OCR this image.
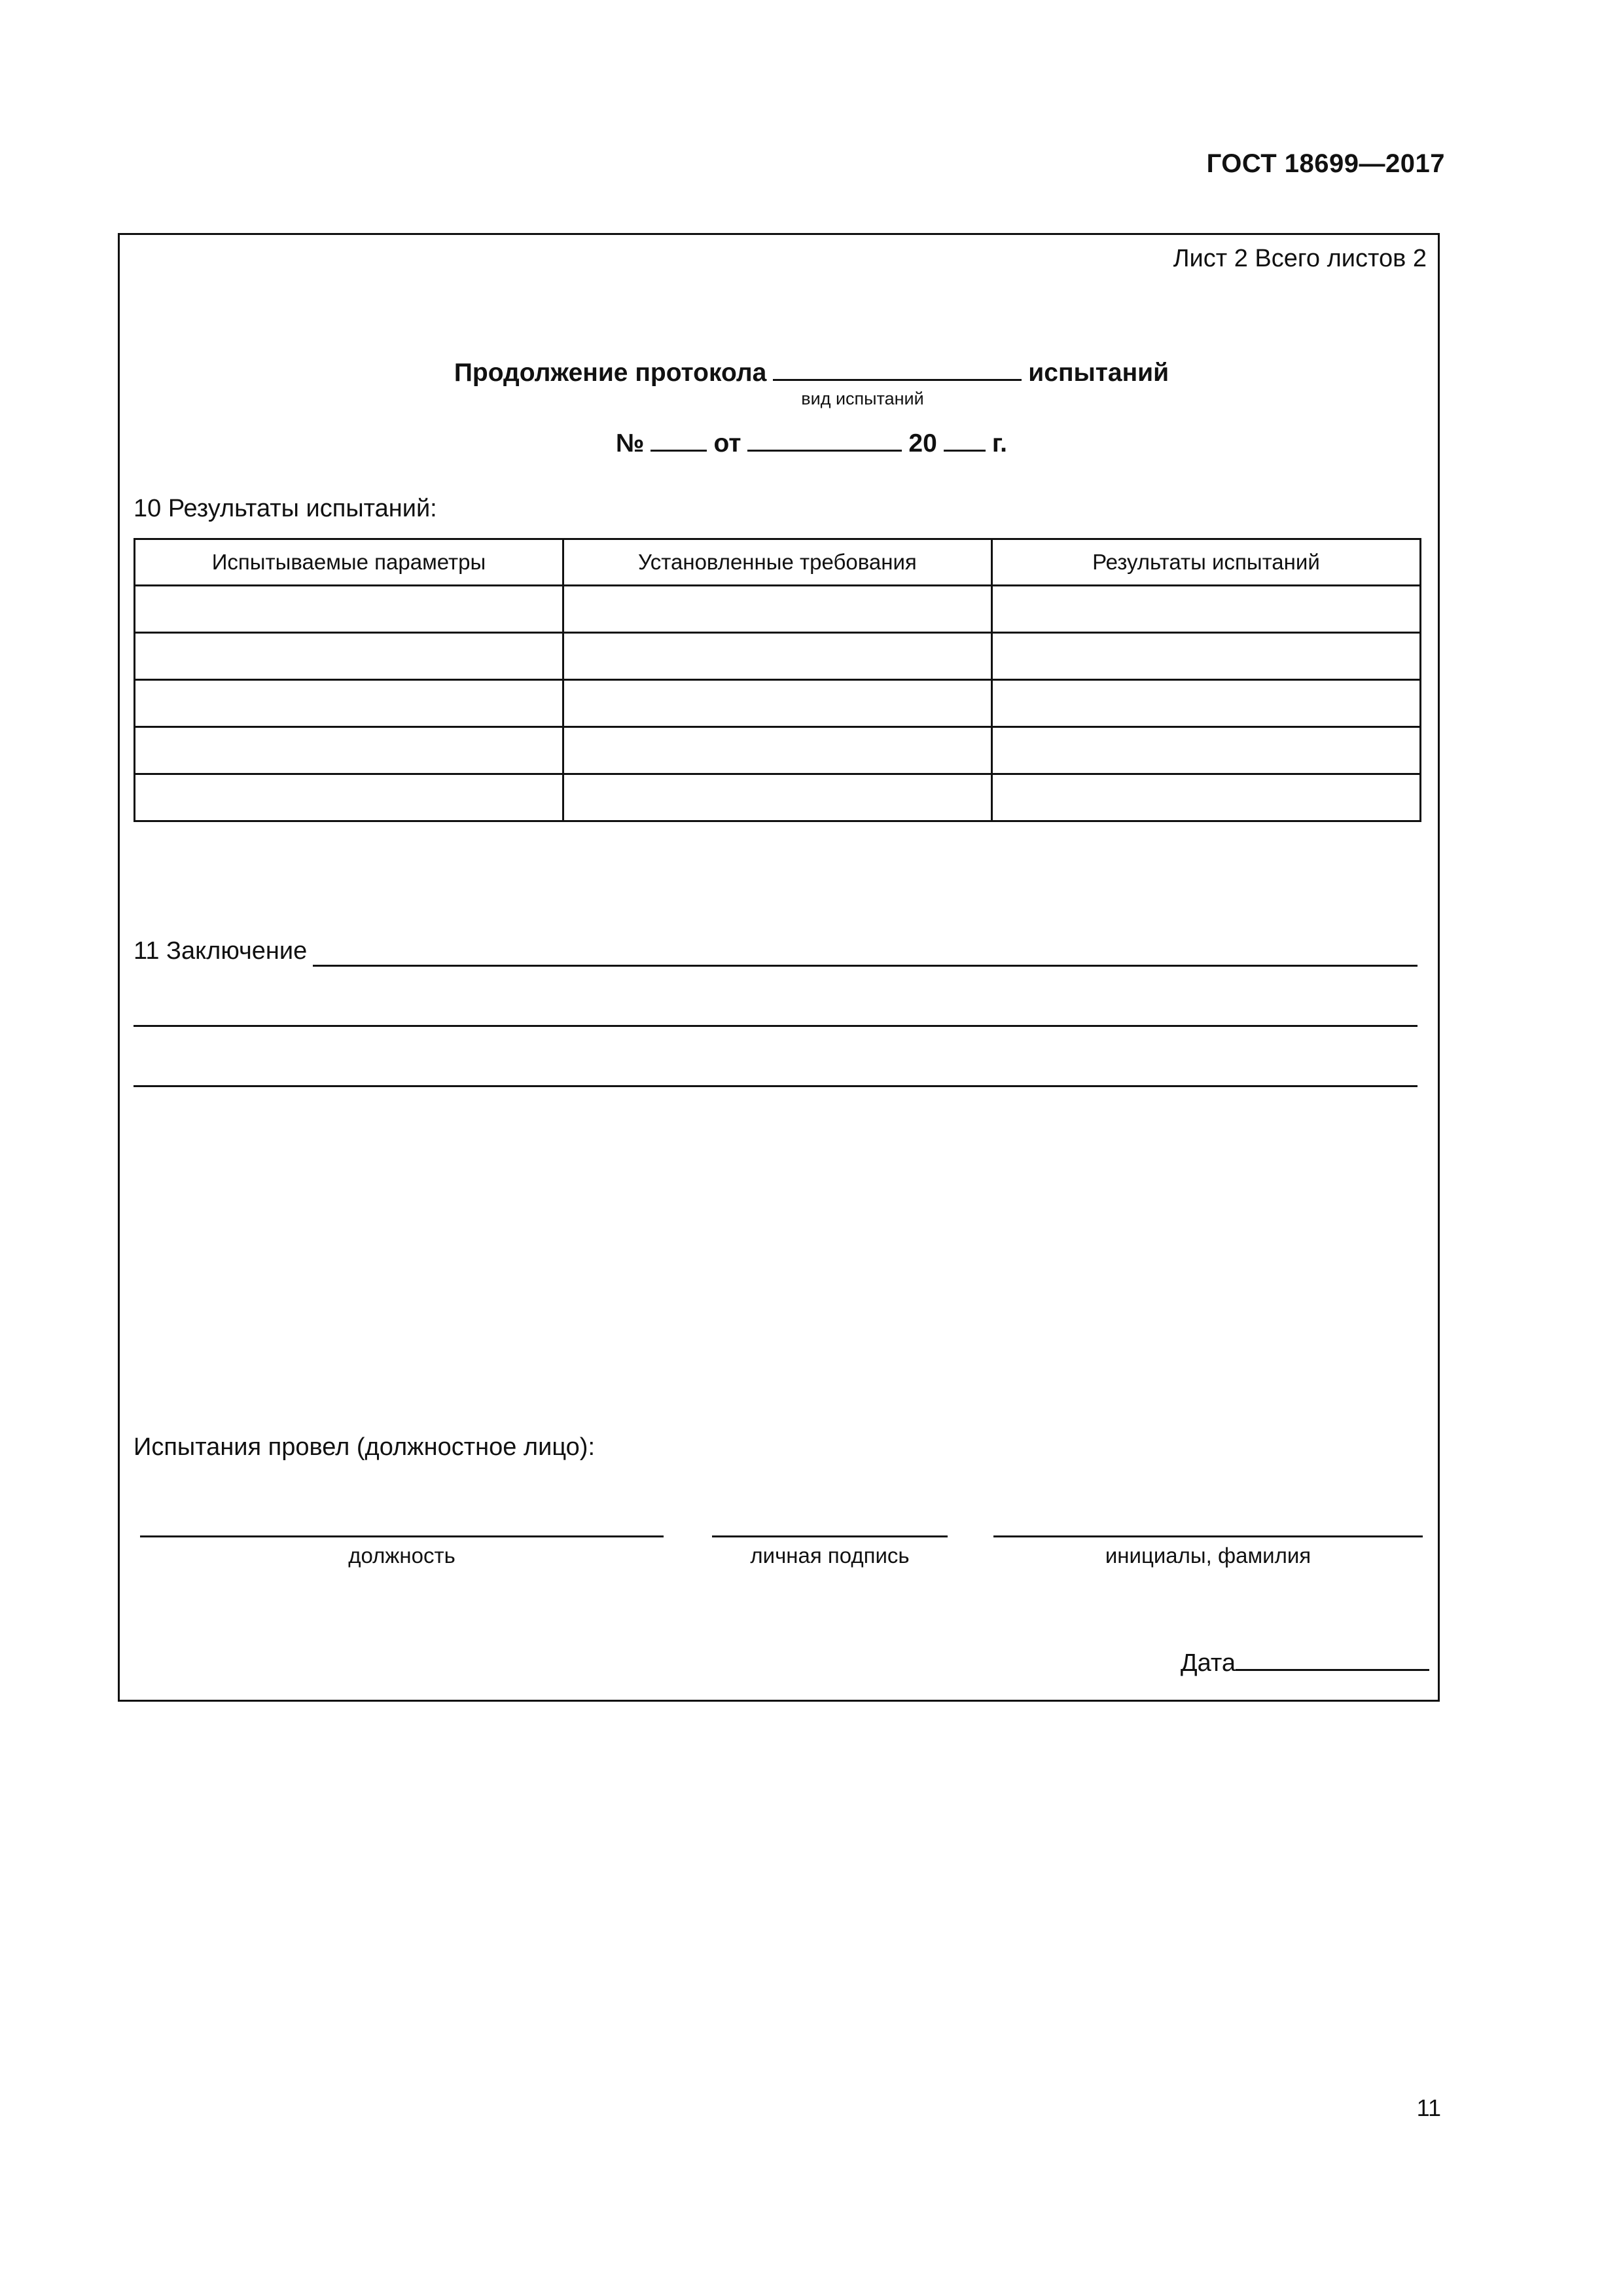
ГОСТ 18699—2017
Лист 2 Всего листов 2
Продолжение протокола	испытаний
вид испытаний
№	от	20 г.
10 Результаты испытаний:
Испытываемые параметры	Установленные требования	Результаты испытаний

11 Заключение
Испытания провел (должностное лицо):
должность	личная подпись	инициалы, фамилия
Дата
11
